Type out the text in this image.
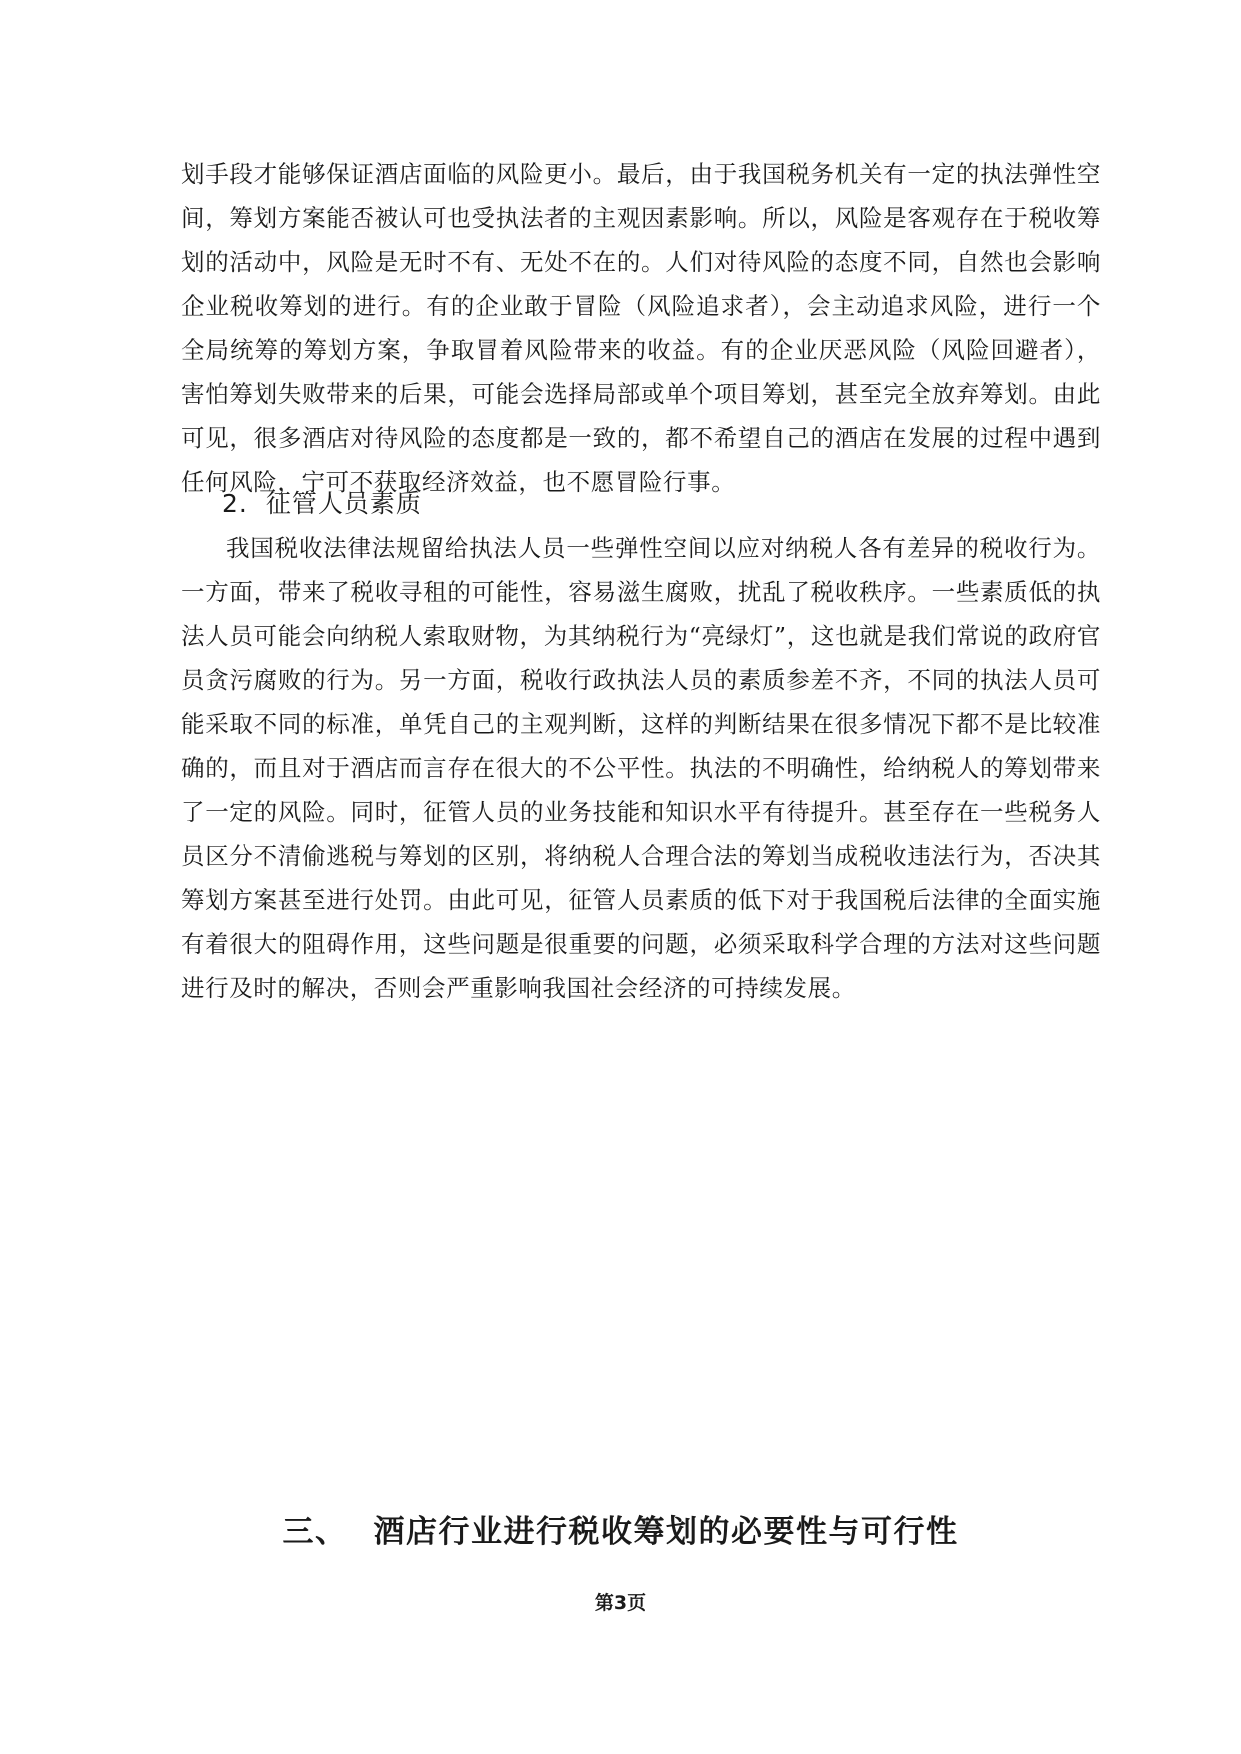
划手段才能够保证酒店面临的风险更小。最后，由于我国税务机关有一定的执法弹性空间，筹划方案能否被认可也受执法者的主观因素影响。所以，风险是客观存在于税收筹划的活动中，风险是无时不有、无处不在的。人们对待风险的态度不同，自然也会影响企业税收筹划的进行。有的企业敢于冒险（风险追求者），会主动追求风险，进行一个全局统筹的筹划方案，争取冒着风险带来的收益。有的企业厌恶风险（风险回避者），害怕筹划失败带来的后果，可能会选择局部或单个项目筹划，甚至完全放弃筹划。由此可见，很多酒店对待风险的态度都是一致的，都不希望自己的酒店在发展的过程中遇到任何风险，宁可不获取经济效益，也不愿冒险行事。
2. 征管人员素质
我国税收法律法规留给执法人员一些弹性空间以应对纳税人各有差异的税收行为。一方面，带来了税收寻租的可能性，容易滋生腐败，扰乱了税收秩序。一些素质低的执法人员可能会向纳税人索取财物，为其纳税行为“亮绿灯”，这也就是我们常说的政府官员贪污腐败的行为。另一方面，税收行政执法人员的素质参差不齐，不同的执法人员可能采取不同的标准，单凭自己的主观判断，这样的判断结果在很多情况下都不是比较准确的，而且对于酒店而言存在很大的不公平性。执法的不明确性，给纳税人的筹划带来了一定的风险。同时，征管人员的业务技能和知识水平有待提升。甚至存在一些税务人员区分不清偷逃税与筹划的区别，将纳税人合理合法的筹划当成税收违法行为，否决其筹划方案甚至进行处罚。由此可见，征管人员素质的低下对于我国税后法律的全面实施有着很大的阻碍作用，这些问题是很重要的问题，必须采取科学合理的方法对这些问题进行及时的解决，否则会严重影响我国社会经济的可持续发展。
三、 酒店行业进行税收筹划的必要性与可行性
第3页
